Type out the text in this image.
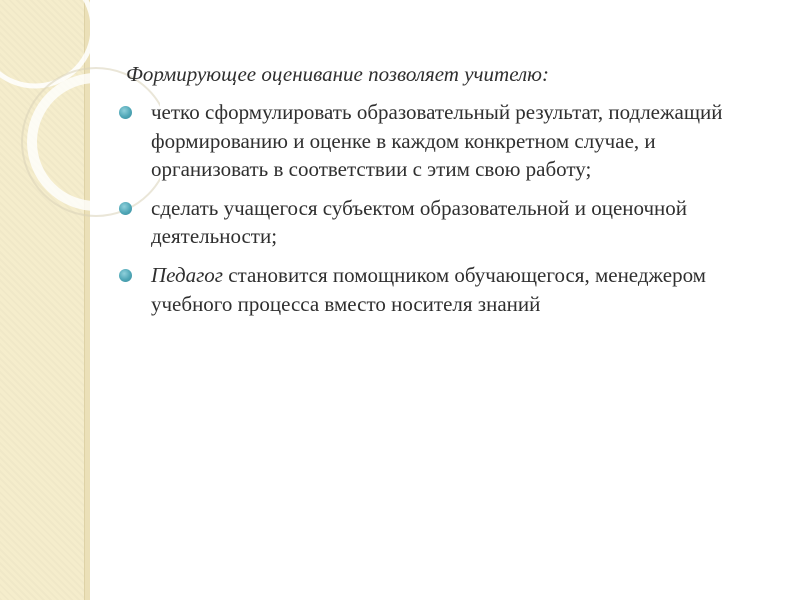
Формирующее оценивание позволяет учителю:

четко сформулировать образовательный результат, подлежащий формированию и оценке в каждом конкретном случае, и организовать в соответствии с этим свою работу;
сделать учащегося субъектом образовательной и оценочной деятельности;
Педагог становится помощником обучающегося, менеджером учебного процесса вместо носителя знаний
